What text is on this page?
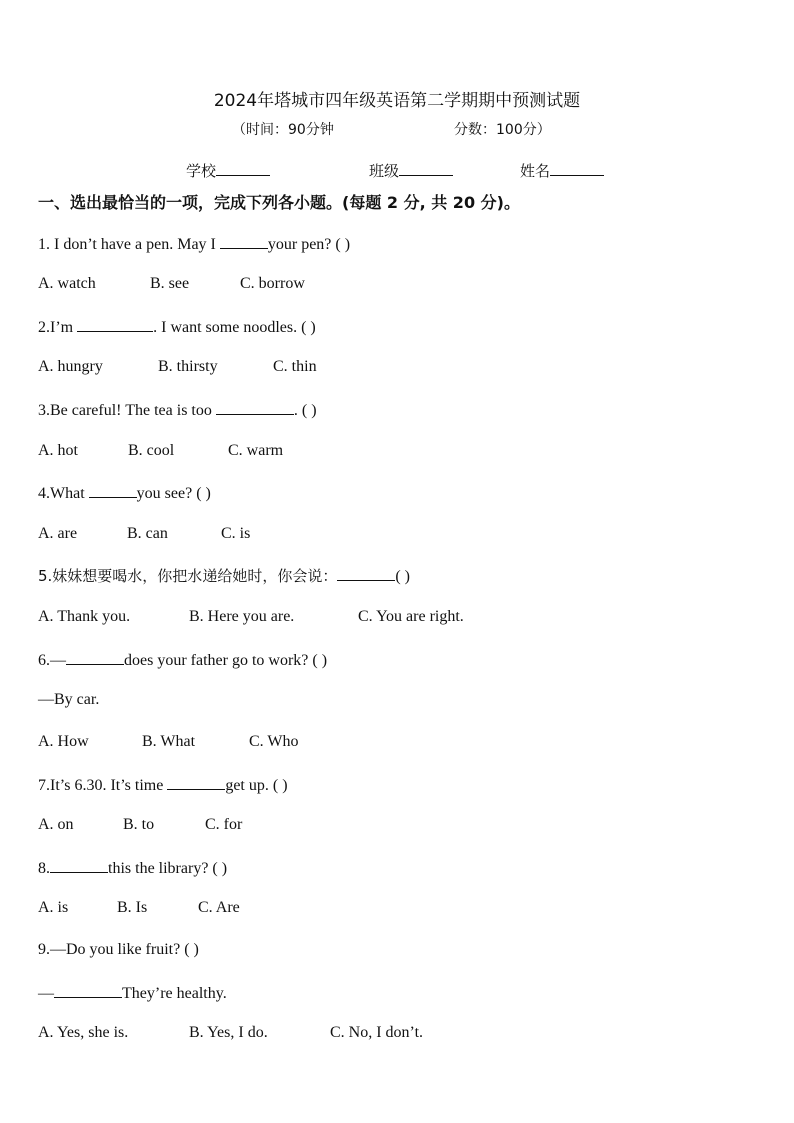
2024年塔城市四年级英语第二学期期中预测试题
（时间：90分钟	分数：100分）
学校	班级	姓名
一、选出最恰当的一项，完成下列各小题。(每题 2 分, 共 20 分)。
1. I don’t have a pen. May I	your pen? ( )
A. watch	B. see	C. borrow
2.I’m	. I want some noodles. ( )
A. hungry	B. thirsty	C. thin
3.Be careful! The tea is too	. ( )
A. hot	B. cool	C. warm
4.What	you see? ( )
A. are	B. can	C. is
5.妹妹想要喝水，你把水递给她时，你会说：	( )
A. Thank you.	B. Here you are.	C. You are right.
6.—	does your father go to work? ( )
—By car.
A. How	B. What	C. Who
7.It’s 6.30. It’s time	get up. ( )
A. on	B. to	C. for
8.	this the library? ( )
A. is	B. Is	C. Are
9.—Do you like fruit? ( )
—	They’re healthy.
A. Yes, she is.	B. Yes, I do.	C. No, I don’t.
